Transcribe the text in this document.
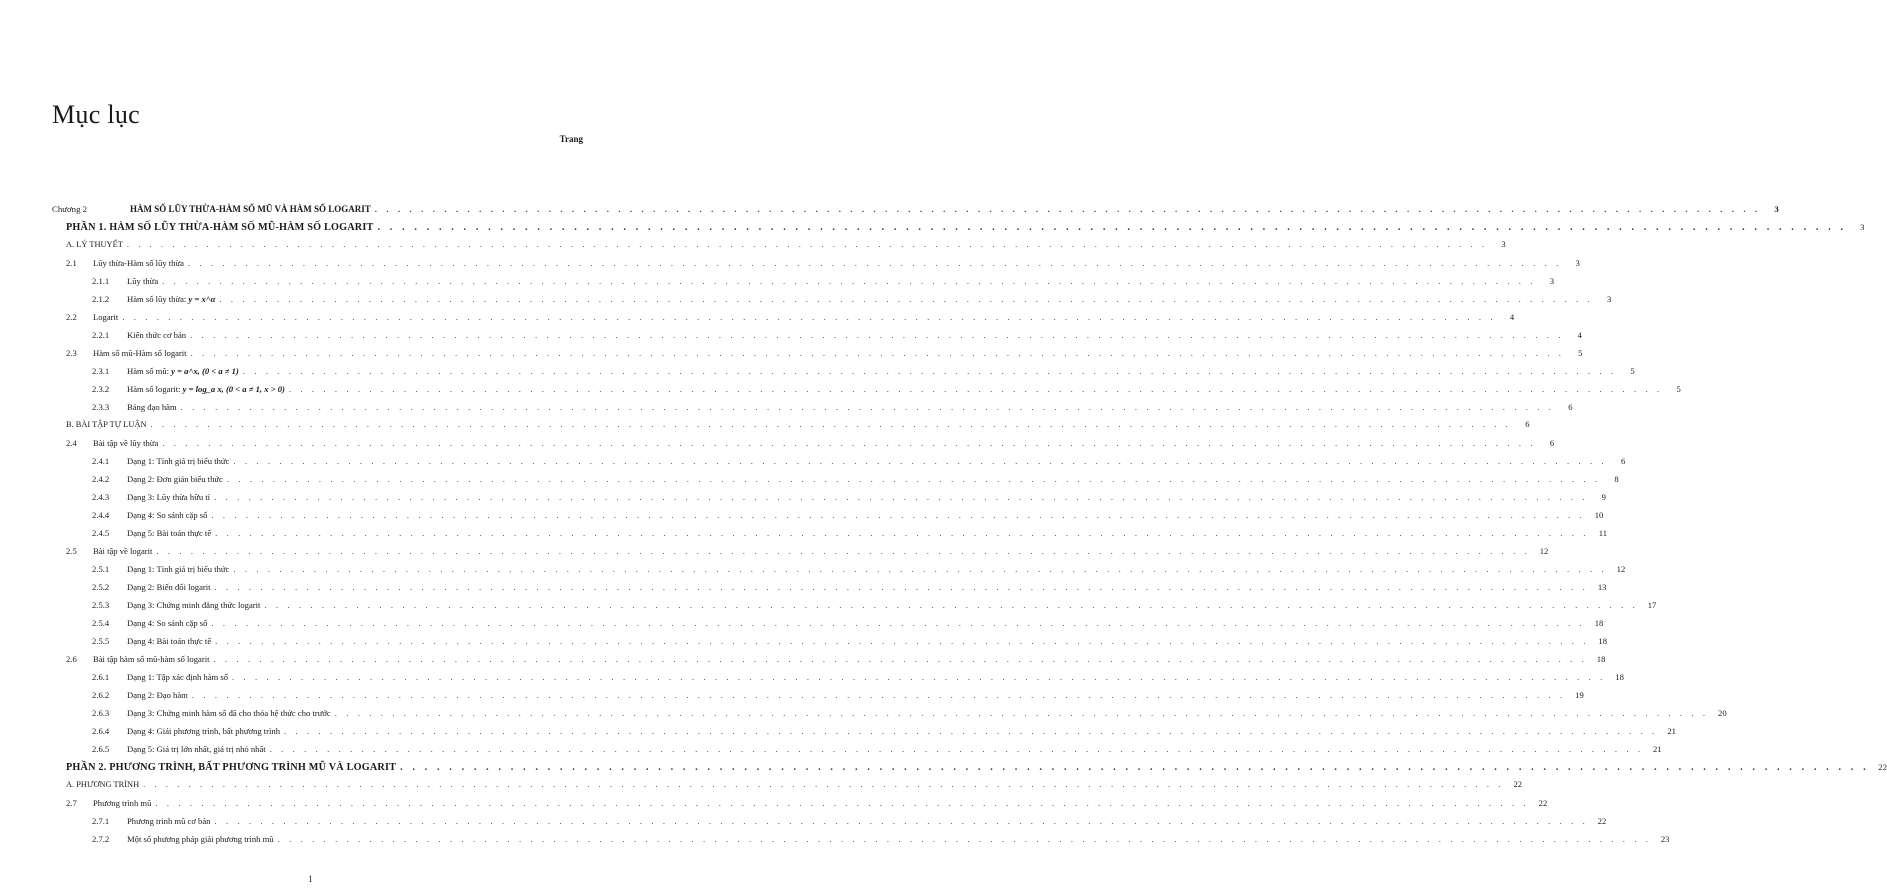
Mục lục
Trang
Chương 2	HÀM SỐ LŨY THỪA-HÀM SỐ MŨ VÀ HÀM SỐ LOGARIT . . . . . . . . . . . . . . . . . . . . . . . . . . . . . . . . . . . . . . . . . . . . . . . . . . . . . . . . . . . . . . . . . . . . . . . . . . . . . . . . . . . . . . . . . . . . . . . . . . . . . . . . . . . . . . . . . . . . . . . .	3
PHẦN 1. HÀM SỐ LŨY THỪA-HÀM SỐ MŨ-HÀM SỐ LOGARIT . . . . . . . . . . . . . . . . . . . . . . . . . . . . . . . . . . . . . . . . . . . . . . . . . . . . . . . . . . . . . . . . . . . . . . . . . . . . . . . . . . . . . . . . . . . . . . . . . . . . . . . . . . . . . . . . . . . . . . . .	3
A. LÝ THUYẾT . . . . . . . . . . . . . . . . . . . . . . . . . . . . . . . . . . . . . . . . . . . . . . . . . . . . . . . . . . . . . . . . . . . . . . . . . . . . . . . . . . . . . . . . . . . . . . . . . . . . . . . . . . . . . . . . . . . . . . . .	3
2.1	Lũy thừa-Hàm số lũy thừa . . . . . . . . . . . . . . . . . . . . . . . . . . . . . . . . . . . . . . . . . . . . . . . . . . . . . . . . . . . . . . . . . . . . . . . . . . . . . . . . . . . . . . . . . . . . . . . . . . . . . . . . . . . . . . . . . . . . . . . .	3
2.1.1	Lũy thừa . . . . . . . . . . . . . . . . . . . . . . . . . . . . . . . . . . . . . . . . . . . . . . . . . . . . . . . . . . . . . . . . . . . . . . . . . . . . . . . . . . . . . . . . . . . . . . . . . . . . . . . . . . . . . . . . . . . . . . . .	3
2.1.2	Hàm số lũy thừa: y = x^α . . . . . . . . . . . . . . . . . . . . . . . . . . . . . . . . . . . . . . . . . . . . . . . . . . . . . . . . . . . . . . . . . . . . . . . . . . . . . . . . . . . . . . . . . . . . . . . . . . . . . . . . . . . . . . . . . . . . . . . .	3
2.2	Logarit . . . . . . . . . . . . . . . . . . . . . . . . . . . . . . . . . . . . . . . . . . . . . . . . . . . . . . . . . . . . . . . . . . . . . . . . . . . . . . . . . . . . . . . . . . . . . . . . . . . . . . . . . . . . . . . . . . . . . . . .	4
2.2.1	Kiến thức cơ bản . . . . . . . . . . . . . . . . . . . . . . . . . . . . . . . . . . . . . . . . . . . . . . . . . . . . . . . . . . . . . . . . . . . . . . . . . . . . . . . . . . . . . . . . . . . . . . . . . . . . . . . . . . . . . . . . . . . . . . . .	4
2.3	Hàm số mũ-Hàm số logarit . . . . . . . . . . . . . . . . . . . . . . . . . . . . . . . . . . . . . . . . . . . . . . . . . . . . . . . . . . . . . . . . . . . . . . . . . . . . . . . . . . . . . . . . . . . . . . . . . . . . . . . . . . . . . . . . . . . . . . . .	5
2.3.1	Hàm số mũ: y = a^x, (0 < a ≠ 1) . . . . . . . . . . . . . . . . . . . . . . . . . . . . . . . . . . . . . . . . . . . . . . . . . . . . . . . . . . . . . . . . . . . . . . . . . . . . . . . . . . . . . . . . . . . . . . . . . . . . . . . . . . . . . . . . . . . . . . . .	5
2.3.2	Hàm số logarit: y = log_a x, (0 < a ≠ 1, x > 0) . . . . . . . . . . . . . . . . . . . . . . . . . . . . . . . . . . . . . . . . . . . . . . . . . . . . . . . . . . . . . . . . . . . . . . . . . . . . . . . . . . . . . . . . . . . . . . . . . . . . . . . . . . . . . . . . . . . . . . . .	5
2.3.3	Bảng đạo hàm . . . . . . . . . . . . . . . . . . . . . . . . . . . . . . . . . . . . . . . . . . . . . . . . . . . . . . . . . . . . . . . . . . . . . . . . . . . . . . . . . . . . . . . . . . . . . . . . . . . . . . . . . . . . . . . . . . . . . . . .	6
B. BÀI TẬP TỰ LUẬN . . . . . . . . . . . . . . . . . . . . . . . . . . . . . . . . . . . . . . . . . . . . . . . . . . . . . . . . . . . . . . . . . . . . . . . . . . . . . . . . . . . . . . . . . . . . . . . . . . . . . . . . . . . . . . . . . . . . . . . .	6
2.4	Bài tập về lũy thừa . . . . . . . . . . . . . . . . . . . . . . . . . . . . . . . . . . . . . . . . . . . . . . . . . . . . . . . . . . . . . . . . . . . . . . . . . . . . . . . . . . . . . . . . . . . . . . . . . . . . . . . . . . . . . . . . . . . . . . . .	6
2.4.1	Dạng 1: Tính giá trị biểu thức . . . . . . . . . . . . . . . . . . . . . . . . . . . . . . . . . . . . . . . . . . . . . . . . . . . . . . . . . . . . . . . . . . . . . . . . . . . . . . . . . . . . . . . . . . . . . . . . . . . . . . . . . . . . . . . . . . . . . . . .	6
2.4.2	Dạng 2: Đơn giản biểu thức . . . . . . . . . . . . . . . . . . . . . . . . . . . . . . . . . . . . . . . . . . . . . . . . . . . . . . . . . . . . . . . . . . . . . . . . . . . . . . . . . . . . . . . . . . . . . . . . . . . . . . . . . . . . . . . . . . . . . . . .	8
2.4.3	Dạng 3: Lũy thừa hữu tỉ . . . . . . . . . . . . . . . . . . . . . . . . . . . . . . . . . . . . . . . . . . . . . . . . . . . . . . . . . . . . . . . . . . . . . . . . . . . . . . . . . . . . . . . . . . . . . . . . . . . . . . . . . . . . . . . . . . . . . . . .	9
2.4.4	Dạng 4: So sánh cặp số . . . . . . . . . . . . . . . . . . . . . . . . . . . . . . . . . . . . . . . . . . . . . . . . . . . . . . . . . . . . . . . . . . . . . . . . . . . . . . . . . . . . . . . . . . . . . . . . . . . . . . . . . . . . . . . . . . . . . . . .	10
2.4.5	Dạng 5: Bài toán thực tế . . . . . . . . . . . . . . . . . . . . . . . . . . . . . . . . . . . . . . . . . . . . . . . . . . . . . . . . . . . . . . . . . . . . . . . . . . . . . . . . . . . . . . . . . . . . . . . . . . . . . . . . . . . . . . . . . . . . . . . .	11
2.5	Bài tập về logarit . . . . . . . . . . . . . . . . . . . . . . . . . . . . . . . . . . . . . . . . . . . . . . . . . . . . . . . . . . . . . . . . . . . . . . . . . . . . . . . . . . . . . . . . . . . . . . . . . . . . . . . . . . . . . . . . . . . . . . . .	12
2.5.1	Dạng 1: Tính giá trị biểu thức . . . . . . . . . . . . . . . . . . . . . . . . . . . . . . . . . . . . . . . . . . . . . . . . . . . . . . . . . . . . . . . . . . . . . . . . . . . . . . . . . . . . . . . . . . . . . . . . . . . . . . . . . . . . . . . . . . . . . . . .	12
2.5.2	Dạng 2: Biến đổi logarit . . . . . . . . . . . . . . . . . . . . . . . . . . . . . . . . . . . . . . . . . . . . . . . . . . . . . . . . . . . . . . . . . . . . . . . . . . . . . . . . . . . . . . . . . . . . . . . . . . . . . . . . . . . . . . . . . . . . . . . .	13
2.5.3	Dạng 3: Chứng minh đẳng thức logarit . . . . . . . . . . . . . . . . . . . . . . . . . . . . . . . . . . . . . . . . . . . . . . . . . . . . . . . . . . . . . . . . . . . . . . . . . . . . . . . . . . . . . . . . . . . . . . . . . . . . . . . . . . . . . . . . . . . . . . . .	17
2.5.4	Dạng 4: So sánh cặp số . . . . . . . . . . . . . . . . . . . . . . . . . . . . . . . . . . . . . . . . . . . . . . . . . . . . . . . . . . . . . . . . . . . . . . . . . . . . . . . . . . . . . . . . . . . . . . . . . . . . . . . . . . . . . . . . . . . . . . . .	18
2.5.5	Dạng 4: Bài toán thực tế . . . . . . . . . . . . . . . . . . . . . . . . . . . . . . . . . . . . . . . . . . . . . . . . . . . . . . . . . . . . . . . . . . . . . . . . . . . . . . . . . . . . . . . . . . . . . . . . . . . . . . . . . . . . . . . . . . . . . . . .	18
2.6	Bài tập hàm số mũ-hàm số logarit . . . . . . . . . . . . . . . . . . . . . . . . . . . . . . . . . . . . . . . . . . . . . . . . . . . . . . . . . . . . . . . . . . . . . . . . . . . . . . . . . . . . . . . . . . . . . . . . . . . . . . . . . . . . . . . . . . . . . . . .	18
2.6.1	Dạng 1: Tập xác định hàm số . . . . . . . . . . . . . . . . . . . . . . . . . . . . . . . . . . . . . . . . . . . . . . . . . . . . . . . . . . . . . . . . . . . . . . . . . . . . . . . . . . . . . . . . . . . . . . . . . . . . . . . . . . . . . . . . . . . . . . . .	18
2.6.2	Dạng 2: Đạo hàm . . . . . . . . . . . . . . . . . . . . . . . . . . . . . . . . . . . . . . . . . . . . . . . . . . . . . . . . . . . . . . . . . . . . . . . . . . . . . . . . . . . . . . . . . . . . . . . . . . . . . . . . . . . . . . . . . . . . . . . .	19
2.6.3	Dạng 3: Chứng minh hàm số đã cho thỏa hệ thức cho trước . . . . . . . . . . . . . . . . . . . . . . . . . . . . . . . . . . . . . . . . . . . . . . . . . . . . . . . . . . . . . . . . . . . . . . . . . . . . . . . . . . . . . . . . . . . . . . . . . . . . . . . . . . . . . . . . . . . . . . . .	20
2.6.4	Dạng 4: Giải phương trình, bất phương trình . . . . . . . . . . . . . . . . . . . . . . . . . . . . . . . . . . . . . . . . . . . . . . . . . . . . . . . . . . . . . . . . . . . . . . . . . . . . . . . . . . . . . . . . . . . . . . . . . . . . . . . . . . . . . . . . . . . . . . . .	21
2.6.5	Dạng 5: Giá trị lớn nhất, giá trị nhỏ nhất . . . . . . . . . . . . . . . . . . . . . . . . . . . . . . . . . . . . . . . . . . . . . . . . . . . . . . . . . . . . . . . . . . . . . . . . . . . . . . . . . . . . . . . . . . . . . . . . . . . . . . . . . . . . . . . . . . . . . . . .	21
PHẦN 2. PHƯƠNG TRÌNH, BẤT PHƯƠNG TRÌNH MŨ VÀ LOGARIT . . . . . . . . . . . . . . . . . . . . . . . . . . . . . . . . . . . . . . . . . . . . . . . . . . . . . . . . . . . . . . . . . . . . . . . . . . . . . . . . . . . . . . . . . . . . . . . . . . . . . . . . . . . . . . . . . . . . . . . .	22
A. PHƯƠNG TRÌNH . . . . . . . . . . . . . . . . . . . . . . . . . . . . . . . . . . . . . . . . . . . . . . . . . . . . . . . . . . . . . . . . . . . . . . . . . . . . . . . . . . . . . . . . . . . . . . . . . . . . . . . . . . . . . . . . . . . . . . . .	22
2.7	Phương trình mũ . . . . . . . . . . . . . . . . . . . . . . . . . . . . . . . . . . . . . . . . . . . . . . . . . . . . . . . . . . . . . . . . . . . . . . . . . . . . . . . . . . . . . . . . . . . . . . . . . . . . . . . . . . . . . . . . . . . . . . . .	22
2.7.1	Phương trình mũ cơ bản . . . . . . . . . . . . . . . . . . . . . . . . . . . . . . . . . . . . . . . . . . . . . . . . . . . . . . . . . . . . . . . . . . . . . . . . . . . . . . . . . . . . . . . . . . . . . . . . . . . . . . . . . . . . . . . . . . . . . . . .	22
2.7.2	Một số phương pháp giải phương trình mũ . . . . . . . . . . . . . . . . . . . . . . . . . . . . . . . . . . . . . . . . . . . . . . . . . . . . . . . . . . . . . . . . . . . . . . . . . . . . . . . . . . . . . . . . . . . . . . . . . . . . . . . . . . . . . . . . . . . . . . . .	23
1
